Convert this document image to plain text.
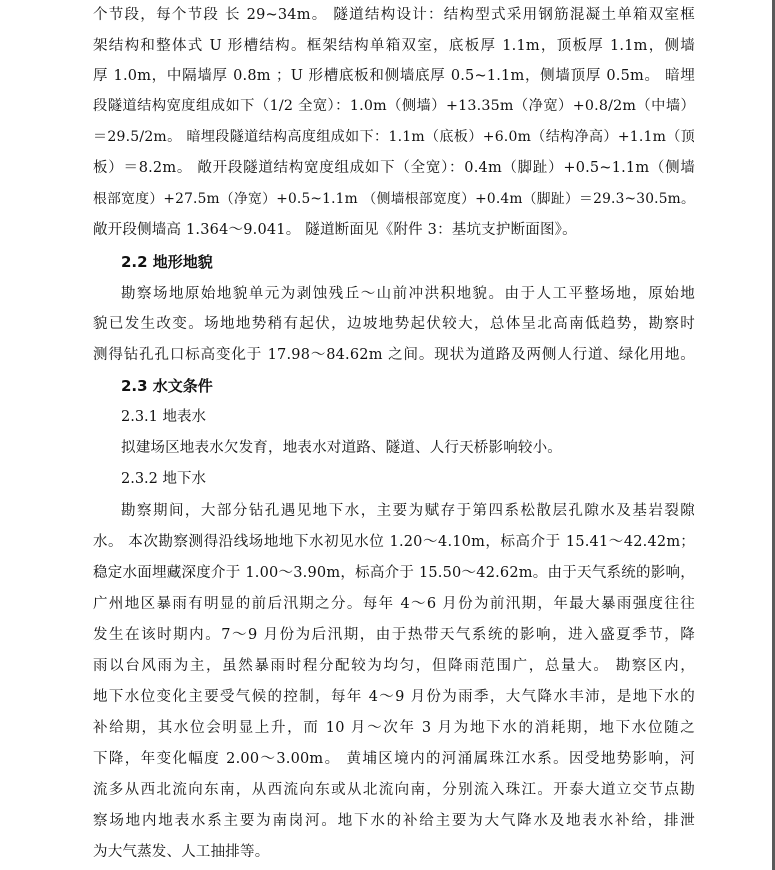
个节段，每个节段 长 29~34m。 隧道结构设计：结构型式采用钢筋混凝土单箱双室框
架结构和整体式 U 形槽结构。框架结构单箱双室，底板厚 1.1m，顶板厚 1.1m，侧墙
厚 1.0m，中隔墙厚 0.8m ；U 形槽底板和侧墙底厚 0.5~1.1m，侧墙顶厚 0.5m。 暗埋
段隧道结构宽度组成如下（1/2 全宽）：1.0m（侧墙）+13.35m（净宽）+0.8/2m（中墙）
＝29.5/2m。 暗埋段隧道结构高度组成如下：1.1m（底板）+6.0m（结构净高）+1.1m（顶
板）＝8.2m。 敞开段隧道结构宽度组成如下（全宽）：0.4m（脚趾）+0.5~1.1m（侧墙
根部宽度）+27.5m（净宽）+0.5~1.1m （侧墙根部宽度）+0.4m（脚趾）＝29.3~30.5m。
敞开段侧墙高 1.364～9.041。 隧道断面见《附件 3：基坑支护断面图》。
2.2 地形地貌
勘察场地原始地貌单元为剥蚀残丘～山前冲洪积地貌。由于人工平整场地，原始地
貌已发生改变。场地地势稍有起伏，边坡地势起伏较大，总体呈北高南低趋势，勘察时
测得钻孔孔口标高变化于 17.98～84.62m 之间。现状为道路及两侧人行道、绿化用地。
2.3 水文条件
2.3.1 地表水
拟建场区地表水欠发育，地表水对道路、隧道、人行天桥影响较小。
2.3.2 地下水
勘察期间，大部分钻孔遇见地下水，主要为赋存于第四系松散层孔隙水及基岩裂隙
水。 本次勘察测得沿线场地地下水初见水位 1.20～4.10m，标高介于 15.41～42.42m；
稳定水面埋藏深度介于 1.00～3.90m，标高介于 15.50～42.62m。由于天气系统的影响，
广州地区暴雨有明显的前后汛期之分。每年 4～6 月份为前汛期，年最大暴雨强度往往
发生在该时期内。7～9 月份为后汛期，由于热带天气系统的影响，进入盛夏季节，降
雨以台风雨为主，虽然暴雨时程分配较为均匀，但降雨范围广，总量大。 勘察区内，
地下水位变化主要受气候的控制，每年 4～9 月份为雨季，大气降水丰沛，是地下水的
补给期，其水位会明显上升，而 10 月～次年 3 月为地下水的消耗期，地下水位随之
下降，年变化幅度 2.00～3.00m。 黄埔区境内的河涌属珠江水系。因受地势影响，河
流多从西北流向东南，从西流向东或从北流向南，分别流入珠江。开泰大道立交节点勘
察场地内地表水系主要为南岗河。地下水的补给主要为大气降水及地表水补给，排泄
为大气蒸发、人工抽排等。
